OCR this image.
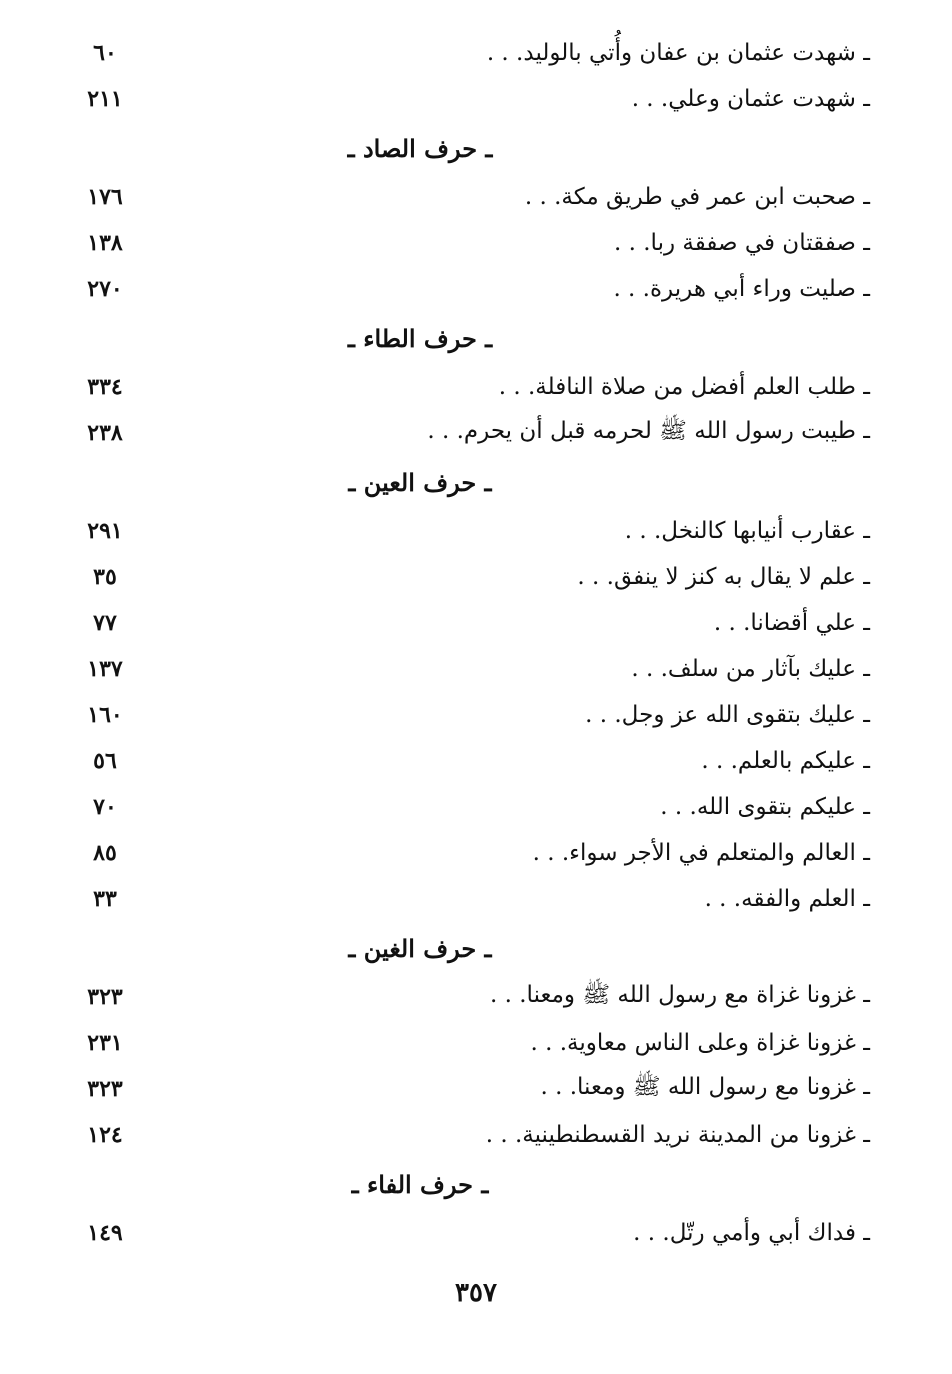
ـ شهدت عثمان بن عفان وأُتي بالوليد. . .
٦٠
ـ شهدت عثمان وعلي. . .
٢١١
ـ حرف الصاد ـ
ـ صحبت ابن عمر في طريق مكة. . .
١٧٦
ـ صفقتان في صفقة ربا. . .
١٣٨
ـ صليت وراء أبي هريرة. . .
٢٧٠
ـ حرف الطاء ـ
ـ طلب العلم أفضل من صلاة النافلة. . .
٣٣٤
ـ طيبت رسول الله ﷺ لحرمه قبل أن يحرم. . .
٢٣٨
ـ حرف العين ـ
ـ عقارب أنيابها كالنخل. . .
٢٩١
ـ علم لا يقال به كنز لا ينفق. . .
٣٥
ـ علي أقضانا. . .
٧٧
ـ عليك بآثار من سلف. . .
١٣٧
ـ عليك بتقوى الله عز وجل. . .
١٦٠
ـ عليكم بالعلم. . .
٥٦
ـ عليكم بتقوى الله. . .
٧٠
ـ العالم والمتعلم في الأجر سواء. . .
٨٥
ـ العلم والفقه. . .
٣٣
ـ حرف الغين ـ
ـ غزونا غزاة مع رسول الله ﷺ ومعنا. . .
٣٢٣
ـ غزونا غزاة وعلى الناس معاوية. . .
٢٣١
ـ غزونا مع رسول الله ﷺ ومعنا. . .
٣٢٣
ـ غزونا من المدينة نريد القسطنطينية. . .
١٢٤
ـ حرف الفاء ـ
ـ فداك أبي وأمي رتّل. . .
١٤٩
٣٥٧
